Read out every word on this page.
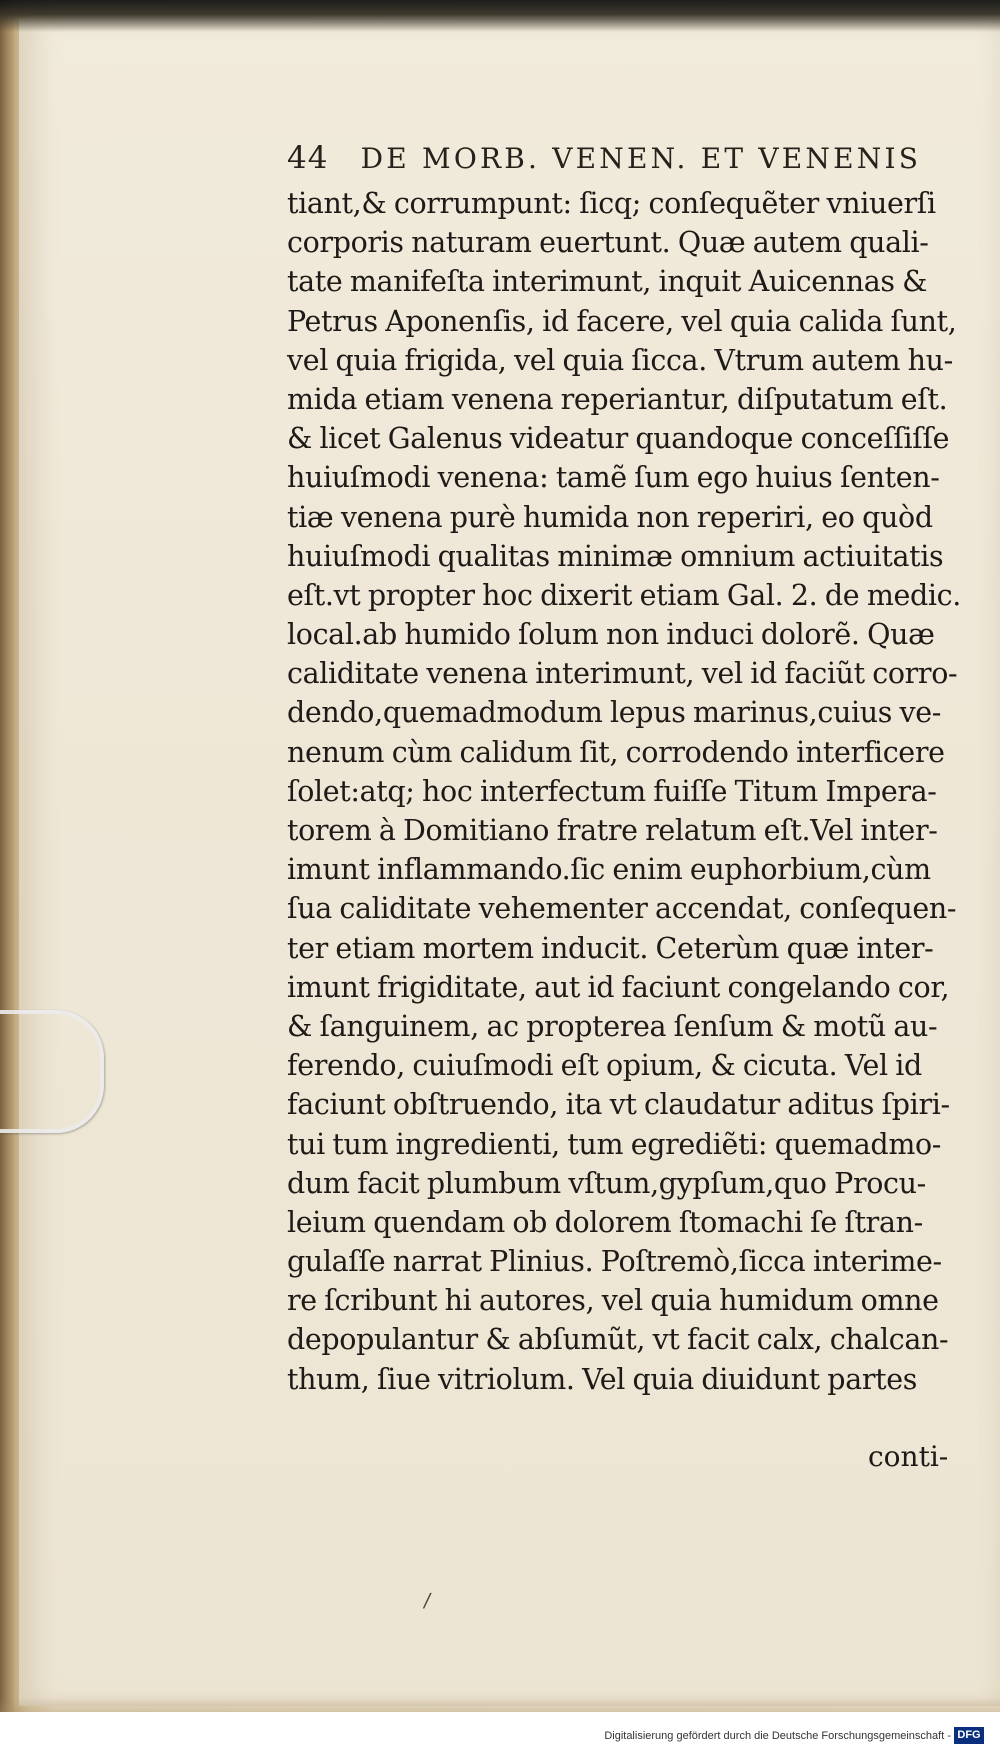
44 DE MORB. VENEN. ET VENENIS
tiant,& corrumpunt: ſicq; conſequẽter vniuerſi
corporis naturam euertunt. Quæ autem quali-
tate manifeſta interimunt, inquit Auicennas &
Petrus Aponenſis, id facere, vel quia calida ſunt,
vel quia frigida, vel quia ſicca. Vtrum autem hu-
mida etiam venena reperiantur, diſputatum eſt.
& licet Galenus videatur quandoque conceſſiſſe
huiuſmodi venena: tamẽ ſum ego huius ſenten-
tiæ venena purè humida non reperiri, eo quòd
huiuſmodi qualitas minimæ omnium actiuitatis
eſt.vt propter hoc dixerit etiam Gal. 2. de medic.
local.ab humido ſolum non induci dolorẽ. Quæ
caliditate venena interimunt, vel id faciũt corro-
dendo,quemadmodum lepus marinus,cuius ve-
nenum cùm calidum ſit, corrodendo interficere
ſolet:atq; hoc interfectum fuiſſe Titum Impera-
torem à Domitiano fratre relatum eſt.Vel inter-
imunt inflammando.ſic enim euphorbium,cùm
ſua caliditate vehementer accendat, conſequen-
ter etiam mortem inducit. Ceterùm quæ inter-
imunt frigiditate, aut id faciunt congelando cor,
& ſanguinem, ac propterea ſenſum & motũ au-
ferendo, cuiuſmodi eſt opium, & cicuta. Vel id
faciunt obſtruendo, ita vt claudatur aditus ſpiri-
tui tum ingredienti, tum egrediẽti: quemadmo-
dum facit plumbum vſtum,gypſum,quo Procu-
leium quendam ob dolorem ſtomachi ſe ſtran-
gulaſſe narrat Plinius. Poſtremò,ſicca interime-
re ſcribunt hi autores, vel quia humidum omne
depopulantur & abſumũt, vt facit calx, chalcan-
thum, ſiue vitriolum. Vel quia diuidunt partes
conti-
/
Digitalisierung gefördert durch die Deutsche Forschungsgemeinschaft - DFG
